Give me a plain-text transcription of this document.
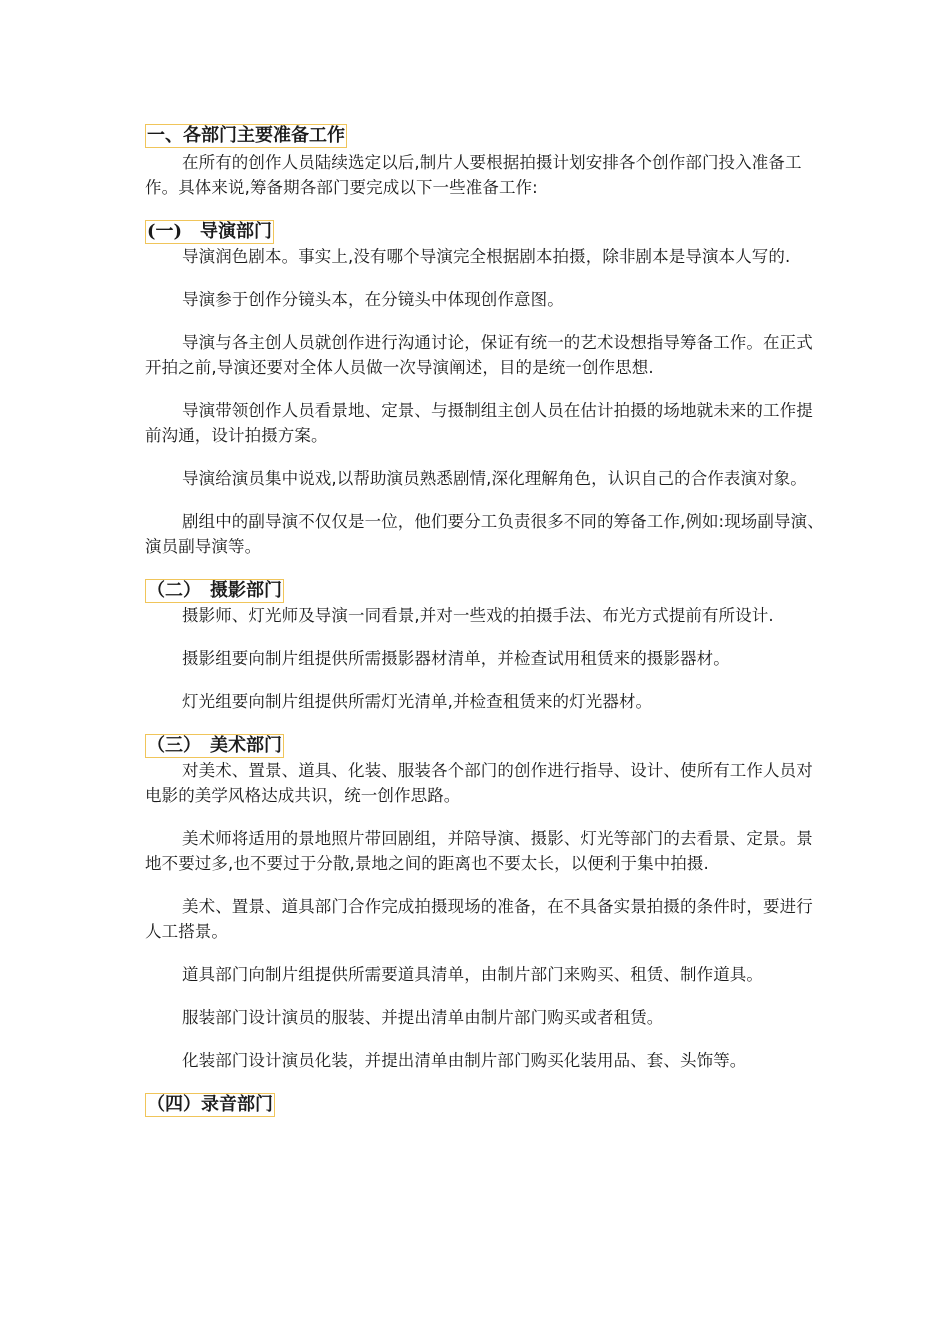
一、各部门主要准备工作

在所有的创作人员陆续选定以后,制片人要根据拍摄计划安排各个创作部门投入准备工作。具体来说,筹备期各部门要完成以下一些准备工作:

(一)　导演部门

导演润色剧本。事实上,没有哪个导演完全根据剧本拍摄，除非剧本是导演本人写的.

导演参于创作分镜头本，在分镜头中体现创作意图。

导演与各主创人员就创作进行沟通讨论，保证有统一的艺术设想指导筹备工作。在正式开拍之前,导演还要对全体人员做一次导演阐述，目的是统一创作思想.

导演带领创作人员看景地、定景、与摄制组主创人员在估计拍摄的场地就未来的工作提前沟通，设计拍摄方案。

导演给演员集中说戏,以帮助演员熟悉剧情,深化理解角色，认识自己的合作表演对象。

剧组中的副导演不仅仅是一位，他们要分工负责很多不同的筹备工作,例如:现场副导演、演员副导演等。

（二）　摄影部门

摄影师、灯光师及导演一同看景,并对一些戏的拍摄手法、布光方式提前有所设计.

摄影组要向制片组提供所需摄影器材清单，并检查试用租赁来的摄影器材。

灯光组要向制片组提供所需灯光清单,并检查租赁来的灯光器材。

（三）　美术部门

对美术、置景、道具、化装、服装各个部门的创作进行指导、设计、使所有工作人员对电影的美学风格达成共识，统一创作思路。

美术师将适用的景地照片带回剧组，并陪导演、摄影、灯光等部门的去看景、定景。景地不要过多,也不要过于分散,景地之间的距离也不要太长，以便利于集中拍摄.

美术、置景、道具部门合作完成拍摄现场的准备，在不具备实景拍摄的条件时，要进行人工搭景。

道具部门向制片组提供所需要道具清单，由制片部门来购买、租赁、制作道具。

服装部门设计演员的服装、并提出清单由制片部门购买或者租赁。

化装部门设计演员化装，并提出清单由制片部门购买化装用品、套、头饰等。

（四）录音部门
